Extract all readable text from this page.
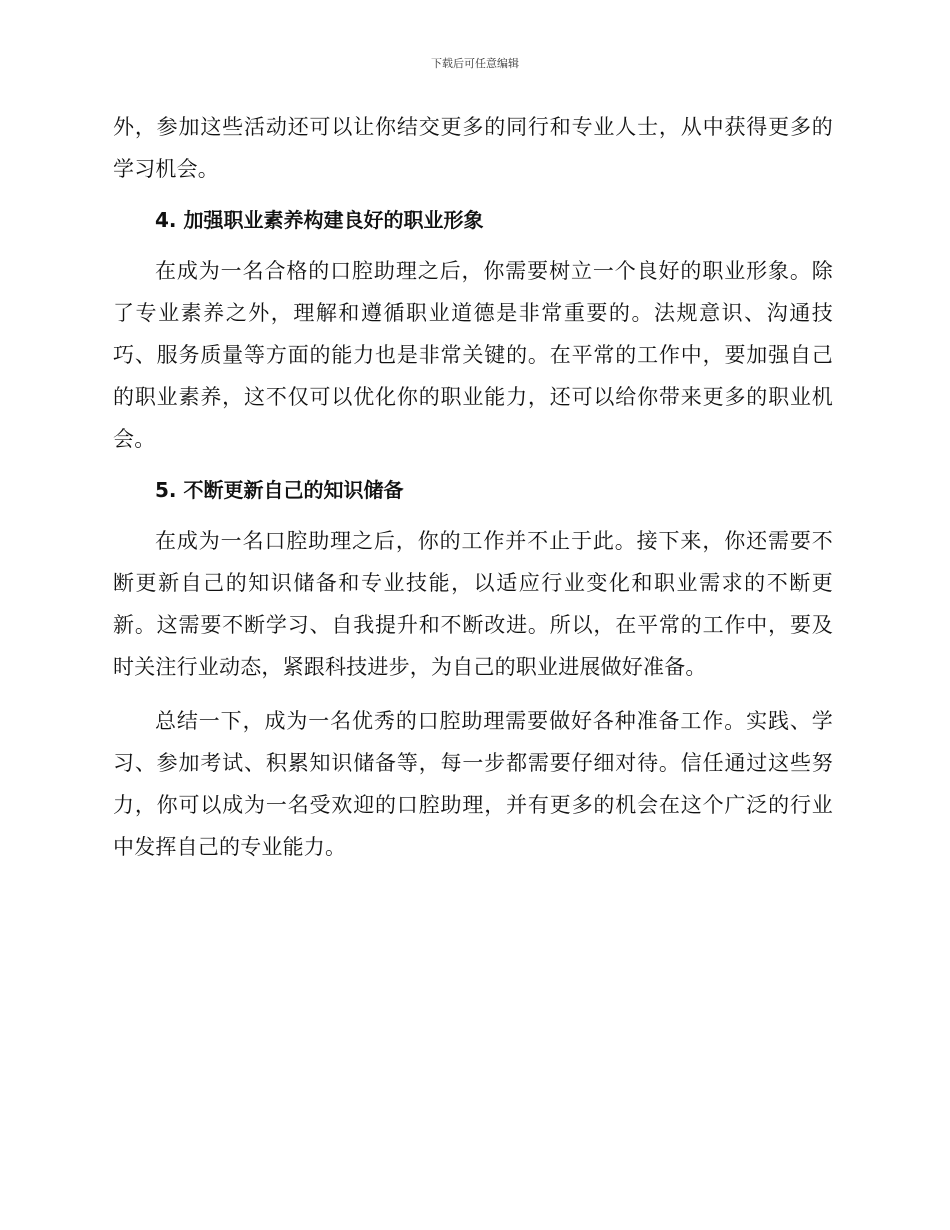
下载后可任意编辑

外，参加这些活动还可以让你结交更多的同行和专业人士，从中获得更多的学习机会。

4. 加强职业素养构建良好的职业形象

在成为一名合格的口腔助理之后，你需要树立一个良好的职业形象。除了专业素养之外，理解和遵循职业道德是非常重要的。法规意识、沟通技巧、服务质量等方面的能力也是非常关键的。在平常的工作中，要加强自己的职业素养，这不仅可以优化你的职业能力，还可以给你带来更多的职业机会。

5. 不断更新自己的知识储备

在成为一名口腔助理之后，你的工作并不止于此。接下来，你还需要不断更新自己的知识储备和专业技能，以适应行业变化和职业需求的不断更新。这需要不断学习、自我提升和不断改进。所以，在平常的工作中，要及时关注行业动态，紧跟科技进步，为自己的职业进展做好准备。

总结一下，成为一名优秀的口腔助理需要做好各种准备工作。实践、学习、参加考试、积累知识储备等，每一步都需要仔细对待。信任通过这些努力，你可以成为一名受欢迎的口腔助理，并有更多的机会在这个广泛的行业中发挥自己的专业能力。
